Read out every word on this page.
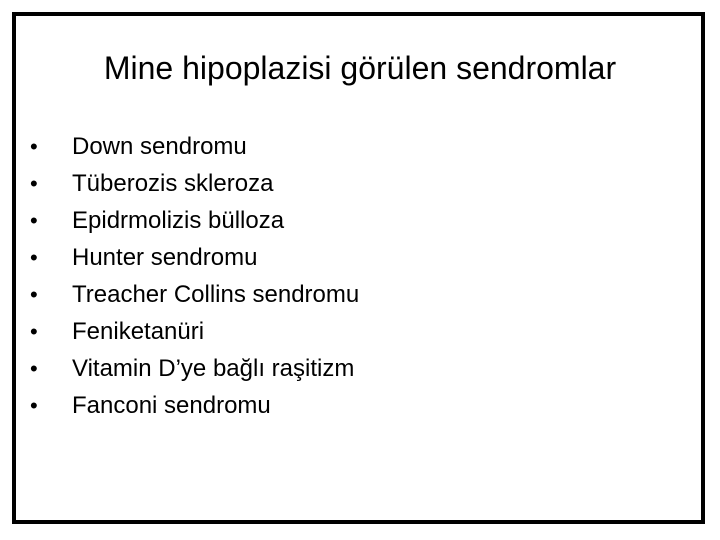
Mine hipoplazisi görülen sendromlar
•	Down sendromu
•	Tüberozis skleroza
•	Epidrmolizis bülloza
•	Hunter sendromu
•	Treacher Collins sendromu
•	Feniketanüri
•	Vitamin D’ye bağlı raşitizm
•	Fanconi sendromu
